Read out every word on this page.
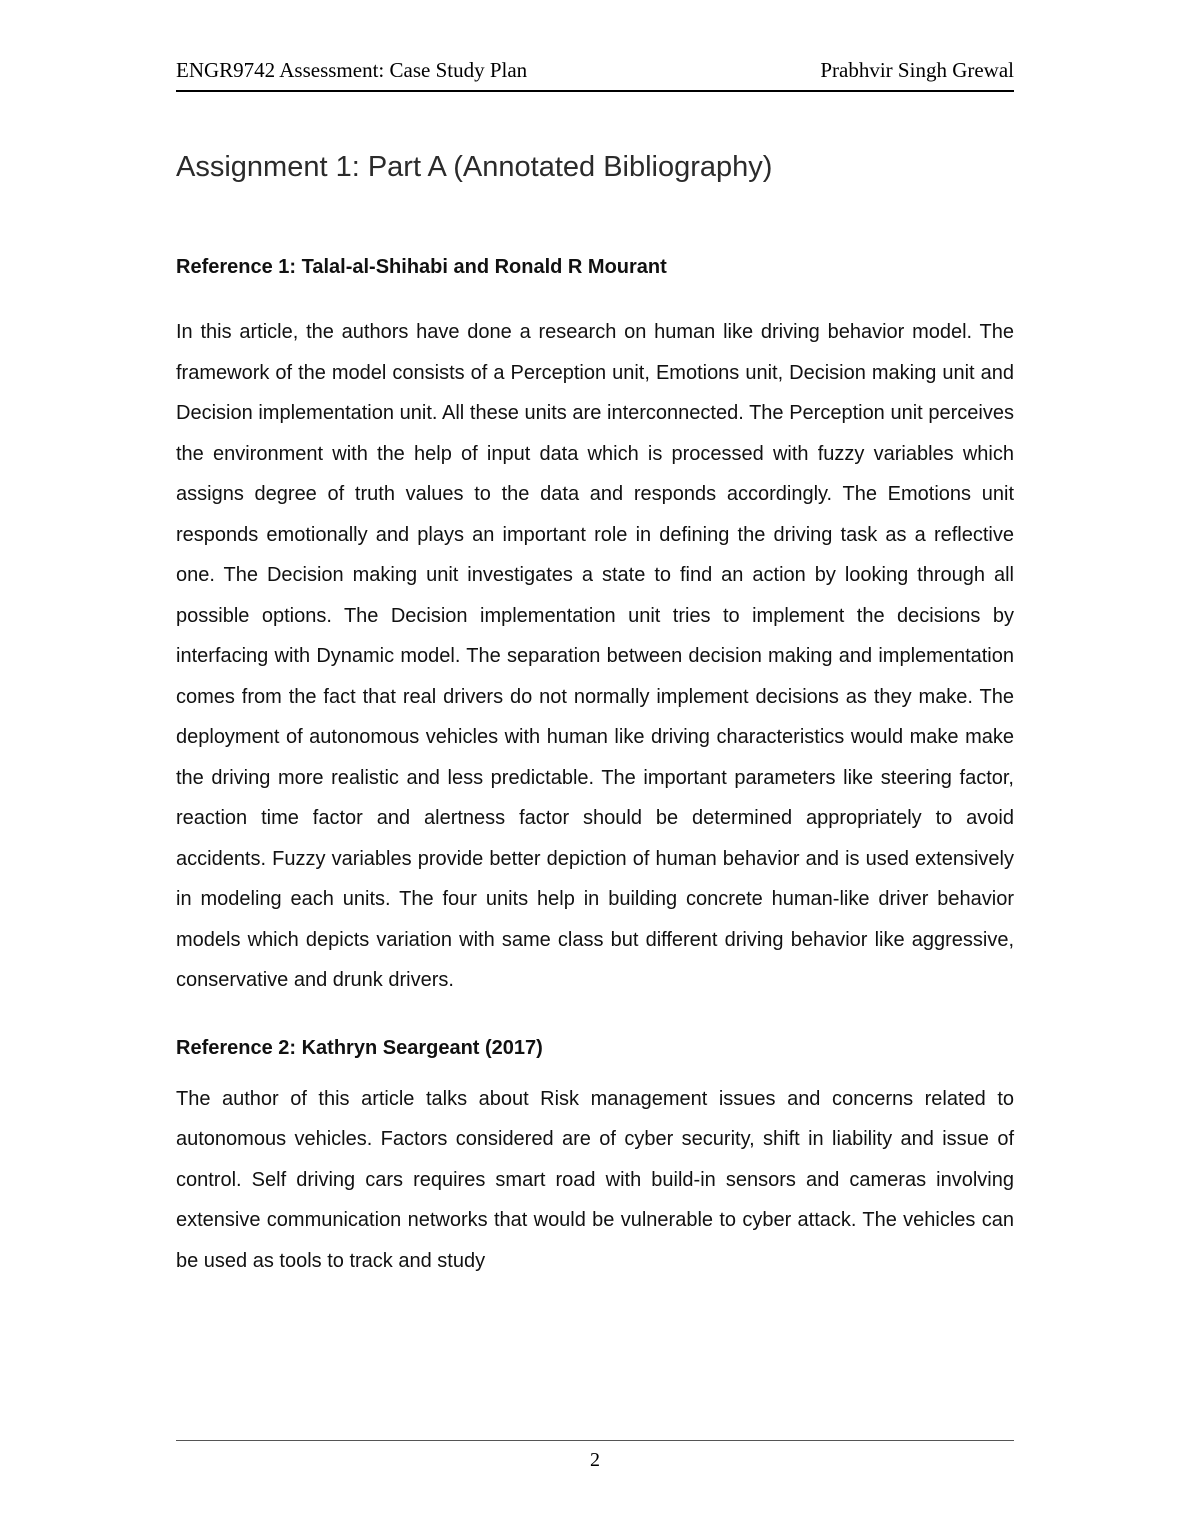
ENGR9742 Assessment: Case Study Plan	Prabhvir Singh Grewal
Assignment 1: Part A (Annotated Bibliography)
Reference 1: Talal-al-Shihabi and Ronald R Mourant

In this article, the authors have done a research on human like driving behavior model. The framework of the model consists of a Perception unit, Emotions unit, Decision making unit and Decision implementation unit. All these units are interconnected. The Perception unit perceives the environment with the help of input data which is processed with fuzzy variables which assigns degree of truth values to the data and responds accordingly. The Emotions unit responds emotionally and plays an important role in defining the driving task as a reflective one. The Decision making unit investigates a state to find an action by looking through all possible options. The Decision implementation unit tries to implement the decisions by interfacing with Dynamic model. The separation between decision making and implementation comes from the fact that real drivers do not normally implement decisions as they make. The deployment of autonomous vehicles with human like driving characteristics would make make the driving more realistic and less predictable. The important parameters like steering factor, reaction time factor and alertness factor should be determined appropriately to avoid accidents. Fuzzy variables provide better depiction of human behavior and is used extensively in modeling each units. The four units help in building concrete human-like driver behavior models which depicts variation with same class but different driving behavior like aggressive, conservative and drunk drivers.

Reference 2: Kathryn Seargeant (2017)

The author of this article talks about Risk management issues and concerns related to autonomous vehicles. Factors considered are of cyber security, shift in liability and issue of control. Self driving cars requires smart road with build-in sensors and cameras involving extensive communication networks that would be vulnerable to cyber attack. The vehicles can be used as tools to track and study

2
